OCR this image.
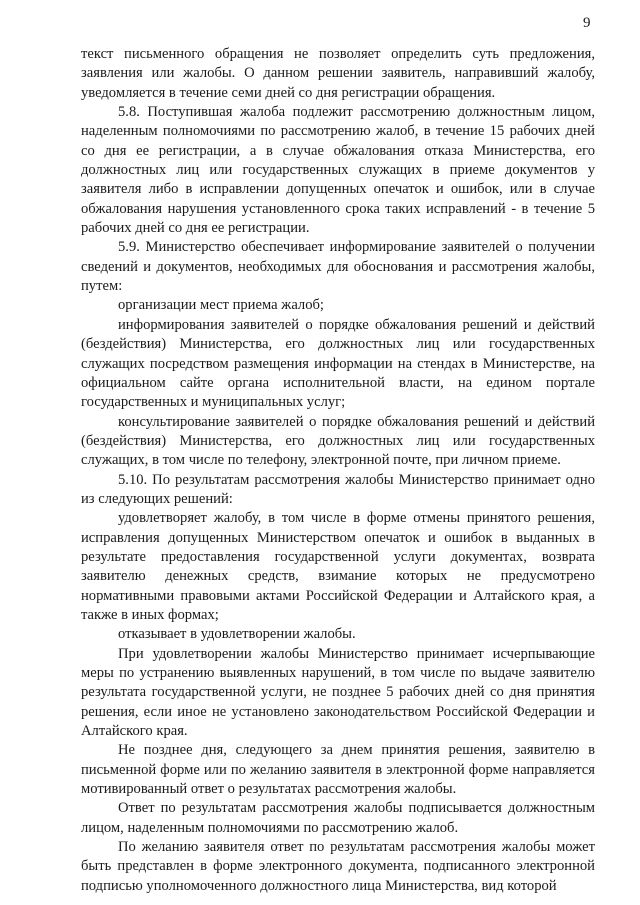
9

текст письменного обращения не позволяет определить суть предложения, заявления или жалобы. О данном решении заявитель, направивший жалобу, уведомляется в течение семи дней со дня регистрации обращения.

5.8. Поступившая жалоба подлежит рассмотрению должностным лицом, наделенным полномочиями по рассмотрению жалоб, в течение 15 рабочих дней со дня ее регистрации, а в случае обжалования отказа Министерства, его должностных лиц или государственных служащих в приеме документов у заявителя либо в исправлении допущенных опечаток и ошибок, или в случае обжалования нарушения установленного срока таких исправлений - в течение 5 рабочих дней со дня ее регистрации.

5.9. Министерство обеспечивает информирование заявителей о получении сведений и документов, необходимых для обоснования и рассмотрения жалобы, путем:

организации мест приема жалоб;

информирования заявителей о порядке обжалования решений и действий (бездействия) Министерства, его должностных лиц или государственных служащих посредством размещения информации на стендах в Министерстве, на официальном сайте органа исполнительной власти, на едином портале государственных и муниципальных услуг;

консультирование заявителей о порядке обжалования решений и действий (бездействия) Министерства, его должностных лиц или государственных служащих, в том числе по телефону, электронной почте, при личном приеме.

5.10. По результатам рассмотрения жалобы Министерство принимает одно из следующих решений:

удовлетворяет жалобу, в том числе в форме отмены принятого решения, исправления допущенных Министерством опечаток и ошибок в выданных в результате предоставления государственной услуги документах, возврата заявителю денежных средств, взимание которых не предусмотрено нормативными правовыми актами Российской Федерации и Алтайского края, а также в иных формах;

отказывает в удовлетворении жалобы.

При удовлетворении жалобы Министерство принимает исчерпывающие меры по устранению выявленных нарушений, в том числе по выдаче заявителю результата государственной услуги, не позднее 5 рабочих дней со дня принятия решения, если иное не установлено законодательством Российской Федерации и Алтайского края.

Не позднее дня, следующего за днем принятия решения, заявителю в письменной форме или по желанию заявителя в электронной форме направляется мотивированный ответ о результатах рассмотрения жалобы.

Ответ по результатам рассмотрения жалобы подписывается должностным лицом, наделенным полномочиями по рассмотрению жалоб.

По желанию заявителя ответ по результатам рассмотрения жалобы может быть представлен в форме электронного документа, подписанного электронной подписью уполномоченного должностного лица Министерства, вид которой
